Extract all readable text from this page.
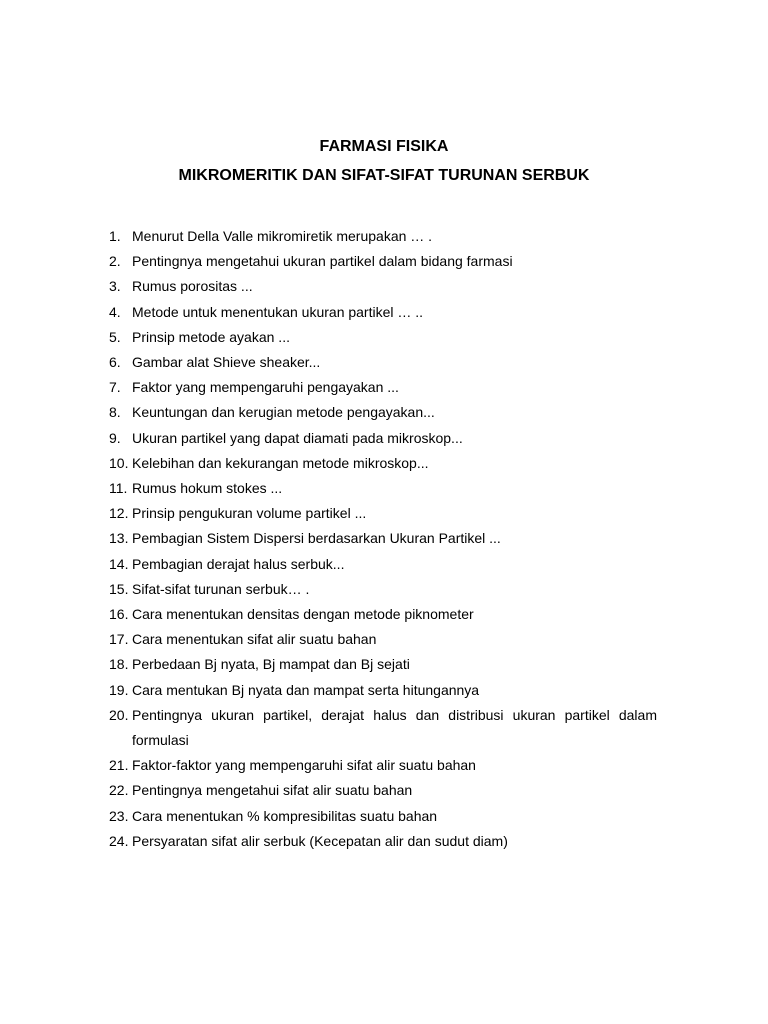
FARMASI FISIKA
MIKROMERITIK DAN SIFAT-SIFAT TURUNAN SERBUK
1. Menurut Della Valle mikromiretik merupakan … .
2. Pentingnya mengetahui ukuran partikel dalam bidang farmasi
3. Rumus porositas ...
4. Metode untuk menentukan ukuran partikel … ..
5. Prinsip metode ayakan ...
6. Gambar alat Shieve sheaker...
7. Faktor yang mempengaruhi pengayakan ...
8. Keuntungan dan kerugian metode pengayakan...
9. Ukuran partikel yang dapat diamati pada mikroskop...
10. Kelebihan dan kekurangan metode mikroskop...
11. Rumus hokum stokes ...
12. Prinsip pengukuran volume partikel ...
13. Pembagian Sistem Dispersi berdasarkan Ukuran Partikel ...
14. Pembagian derajat halus serbuk...
15. Sifat-sifat turunan serbuk… .
16. Cara menentukan densitas dengan metode piknometer
17. Cara menentukan sifat alir suatu bahan
18. Perbedaan Bj nyata, Bj mampat dan Bj sejati
19. Cara mentukan Bj nyata dan mampat serta hitungannya
20. Pentingnya ukuran partikel, derajat halus dan distribusi ukuran partikel dalam formulasi
21. Faktor-faktor yang mempengaruhi sifat alir suatu bahan
22. Pentingnya mengetahui sifat alir suatu bahan
23. Cara menentukan % kompresibilitas suatu bahan
24. Persyaratan sifat alir serbuk (Kecepatan alir dan sudut diam)
